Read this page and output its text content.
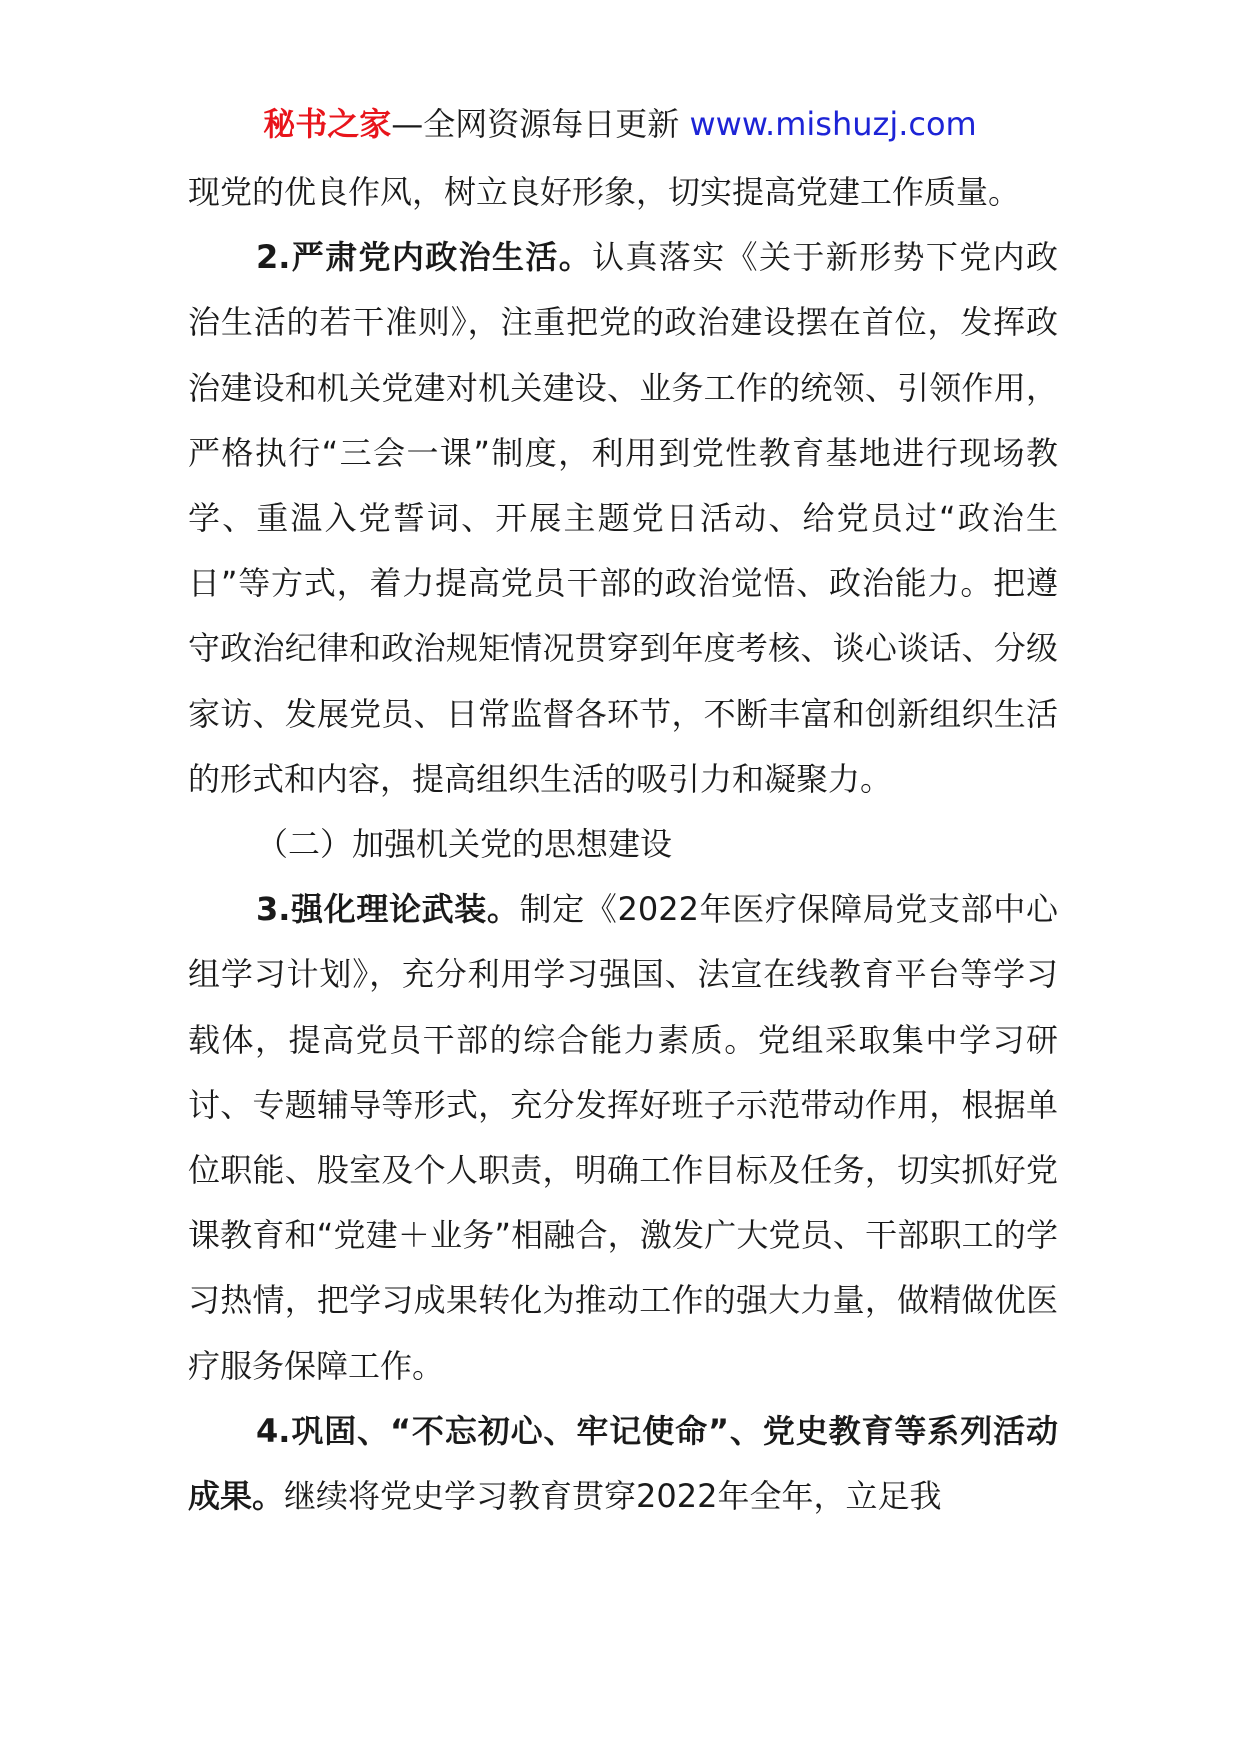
秘书之家—全网资源每日更新 www.mishuzj.com

现党的优良作风，树立良好形象，切实提高党建工作质量。

2.严肃党内政治生活。认真落实《关于新形势下党内政治生活的若干准则》，注重把党的政治建设摆在首位，发挥政治建设和机关党建对机关建设、业务工作的统领、引领作用，严格执行“三会一课”制度，利用到党性教育基地进行现场教学、重温入党誓词、开展主题党日活动、给党员过“政治生日”等方式，着力提高党员干部的政治觉悟、政治能力。把遵守政治纪律和政治规矩情况贯穿到年度考核、谈心谈话、分级家访、发展党员、日常监督各环节，不断丰富和创新组织生活的形式和内容，提高组织生活的吸引力和凝聚力。

（二）加强机关党的思想建设

3.强化理论武装。制定《2022年医疗保障局党支部中心组学习计划》，充分利用学习强国、法宣在线教育平台等学习载体，提高党员干部的综合能力素质。党组采取集中学习研讨、专题辅导等形式，充分发挥好班子示范带动作用，根据单位职能、股室及个人职责，明确工作目标及任务，切实抓好党课教育和“党建＋业务”相融合，激发广大党员、干部职工的学习热情，把学习成果转化为推动工作的强大力量，做精做优医疗服务保障工作。

4.巩固、“不忘初心、牢记使命”、党史教育等系列活动成果。继续将党史学习教育贯穿2022年全年，立足我
